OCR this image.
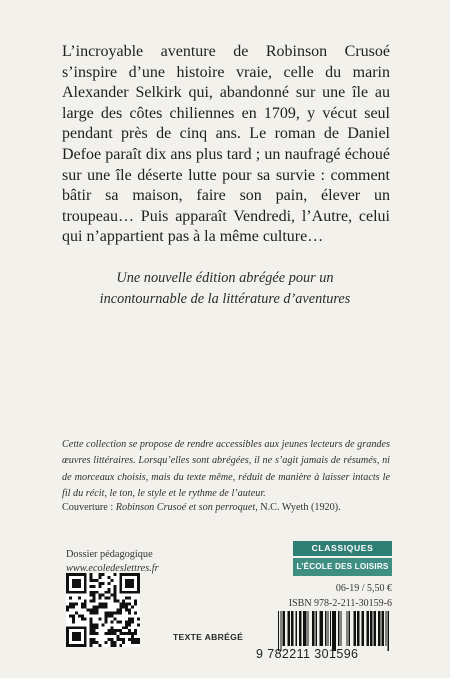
L’incroyable aventure de Robinson Crusoé s’inspire d’une histoire vraie, celle du marin Alexander Selkirk qui, abandonné sur une île au large des côtes chiliennes en 1709, y vécut seul pendant près de cinq ans. Le roman de Daniel Defoe paraît dix ans plus tard ; un naufragé échoué sur une île déserte lutte pour sa survie : comment bâtir sa maison, faire son pain, élever un troupeau… Puis apparaît Vendredi, l’Autre, celui qui n’appartient pas à la même culture…

Une nouvelle édition abrégée pour un
incontournable de la littérature d’aventures

Cette collection se propose de rendre accessibles aux jeunes lecteurs de grandes œuvres littéraires. Lorsqu’elles sont abrégées, il ne s’agit jamais de résumés, ni de morceaux choisis, mais du texte même, réduit de manière à laisser intacts le fil du récit, le ton, le style et le rythme de l’auteur.

Couverture : Robinson Crusoé et son perroquet, N.C. Wyeth (1920).
Dossier pédagogique
www.ecoledeslettres.fr
TEXTE ABRÉGÉ
CLASSIQUES
L’ÉCOLE DES LOISIRS
06-19 / 5,50 €
ISBN 978-2-211-30159-6
9 782211 301596
